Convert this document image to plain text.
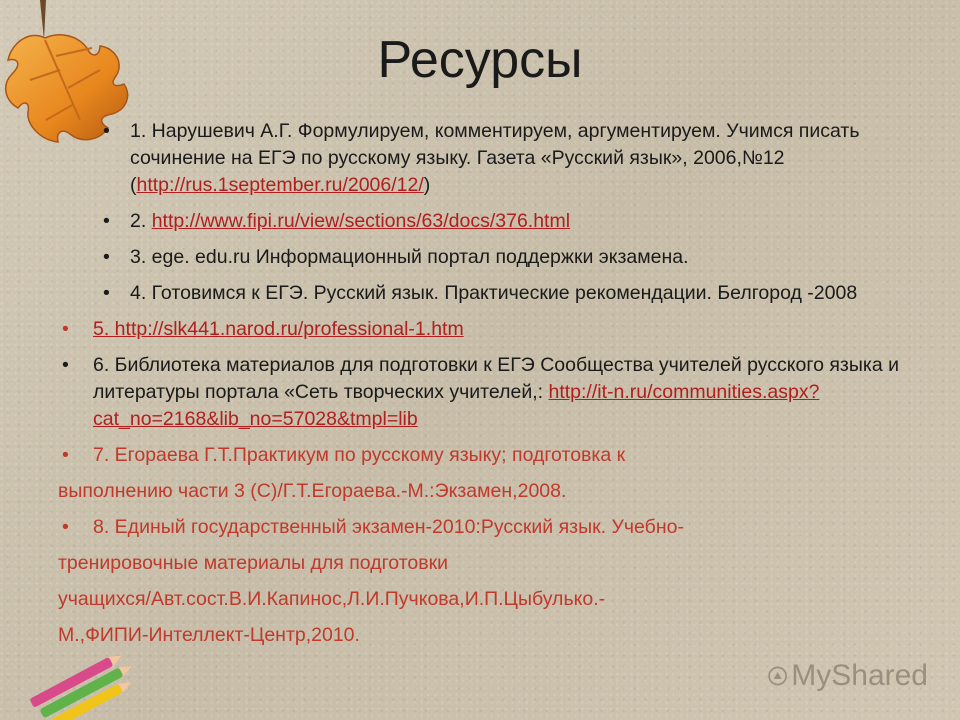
Ресурсы
• 1. Нарушевич А.Г. Формулируем, комментируем, аргументируем. Учимся писать сочинение на ЕГЭ по русскому языку. Газета «Русский язык», 2006,№12 (http://rus.1september.ru/2006/12/)
• 2. http://www.fipi.ru/view/sections/63/docs/376.html
• 3. ege. edu.ru Информационный портал поддержки экзамена.
• 4. Готовимся к ЕГЭ. Русский язык. Практические рекомендации. Белгород -2008
• 5. http://slk441.narod.ru/professional-1.htm
• 6. Библиотека материалов для подготовки к ЕГЭ Сообщества учителей русского языка и литературы портала «Сеть творческих учителей,: http://it-n.ru/communities.aspx?cat_no=2168&lib_no=57028&tmpl=lib
• 7. Егораева Г.Т.Практикум по русскому языку; подготовка к
выполнению части 3 (С)/Г.Т.Егораева.-М.:Экзамен,2008.
• 8. Единый государственный экзамен-2010:Русский язык. Учебно-
тренировочные материалы для подготовки
учащихся/Авт.сост.В.И.Капинос,Л.И.Пучкова,И.П.Цыбулько.-
М.,ФИПИ-Интеллект-Центр,2010.
MyShared
